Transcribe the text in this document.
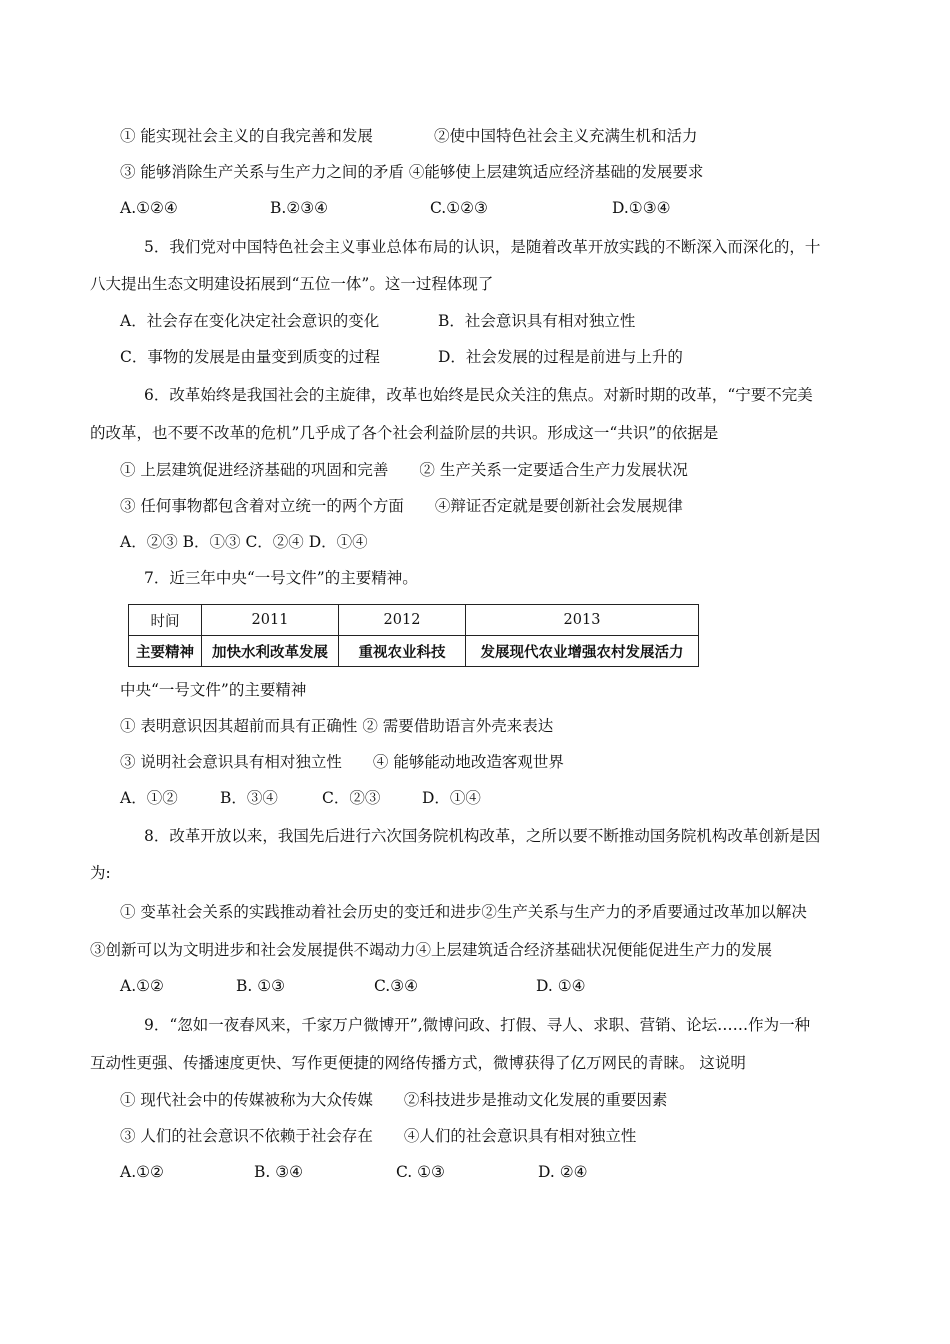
① 能实现社会主义的自我完善和发展	②使中国特色社会主义充满生机和活力
③ 能够消除生产关系与生产力之间的矛盾 ④能够使上层建筑适应经济基础的发展要求
A.①②④	B.②③④	C.①②③	D.①③④
5．我们党对中国特色社会主义事业总体布局的认识，是随着改革开放实践的不断深入而深化的，十
八大提出生态文明建设拓展到“五位一体”。这一过程体现了
A．社会存在变化决定社会意识的变化	B．社会意识具有相对独立性
C．事物的发展是由量变到质变的过程	D．社会发展的过程是前进与上升的
6．改革始终是我国社会的主旋律，改革也始终是民众关注的焦点。对新时期的改革，“宁要不完美
的改革，也不要不改革的危机”几乎成了各个社会利益阶层的共识。形成这一“共识”的依据是
① 上层建筑促进经济基础的巩固和完善　　② 生产关系一定要适合生产力发展状况
③ 任何事物都包含着对立统一的两个方面　　④辩证否定就是要创新社会发展规律
A．②③ B．①③ C．②④ D．①④
7．近三年中央“一号文件”的主要精神。
时间	2011	2012	2013
主要精神	加快水利改革发展	重视农业科技	发展现代农业增强农村发展活力
中央“一号文件”的主要精神
① 表明意识因其超前而具有正确性 ② 需要借助语言外壳来表达
③ 说明社会意识具有相对独立性　　④ 能够能动地改造客观世界
A．①②	B．③④	C．②③	D．①④
8．改革开放以来，我国先后进行六次国务院机构改革，之所以要不断推动国务院机构改革创新是因
为:
① 变革社会关系的实践推动着社会历史的变迁和进步②生产关系与生产力的矛盾要通过改革加以解决
③创新可以为文明进步和社会发展提供不竭动力④上层建筑适合经济基础状况便能促进生产力的发展
A.①②	B. ①③	C.③④	D. ①④
9．“忽如一夜春风来，千家万户微博开”,微博问政、打假、寻人、求职、营销、论坛……作为一种
互动性更强、传播速度更快、写作更便捷的网络传播方式，微博获得了亿万网民的青睐。 这说明
① 现代社会中的传媒被称为大众传媒　　②科技进步是推动文化发展的重要因素
③ 人们的社会意识不依赖于社会存在　　④人们的社会意识具有相对独立性
A.①②	B. ③④	C. ①③	D. ②④
